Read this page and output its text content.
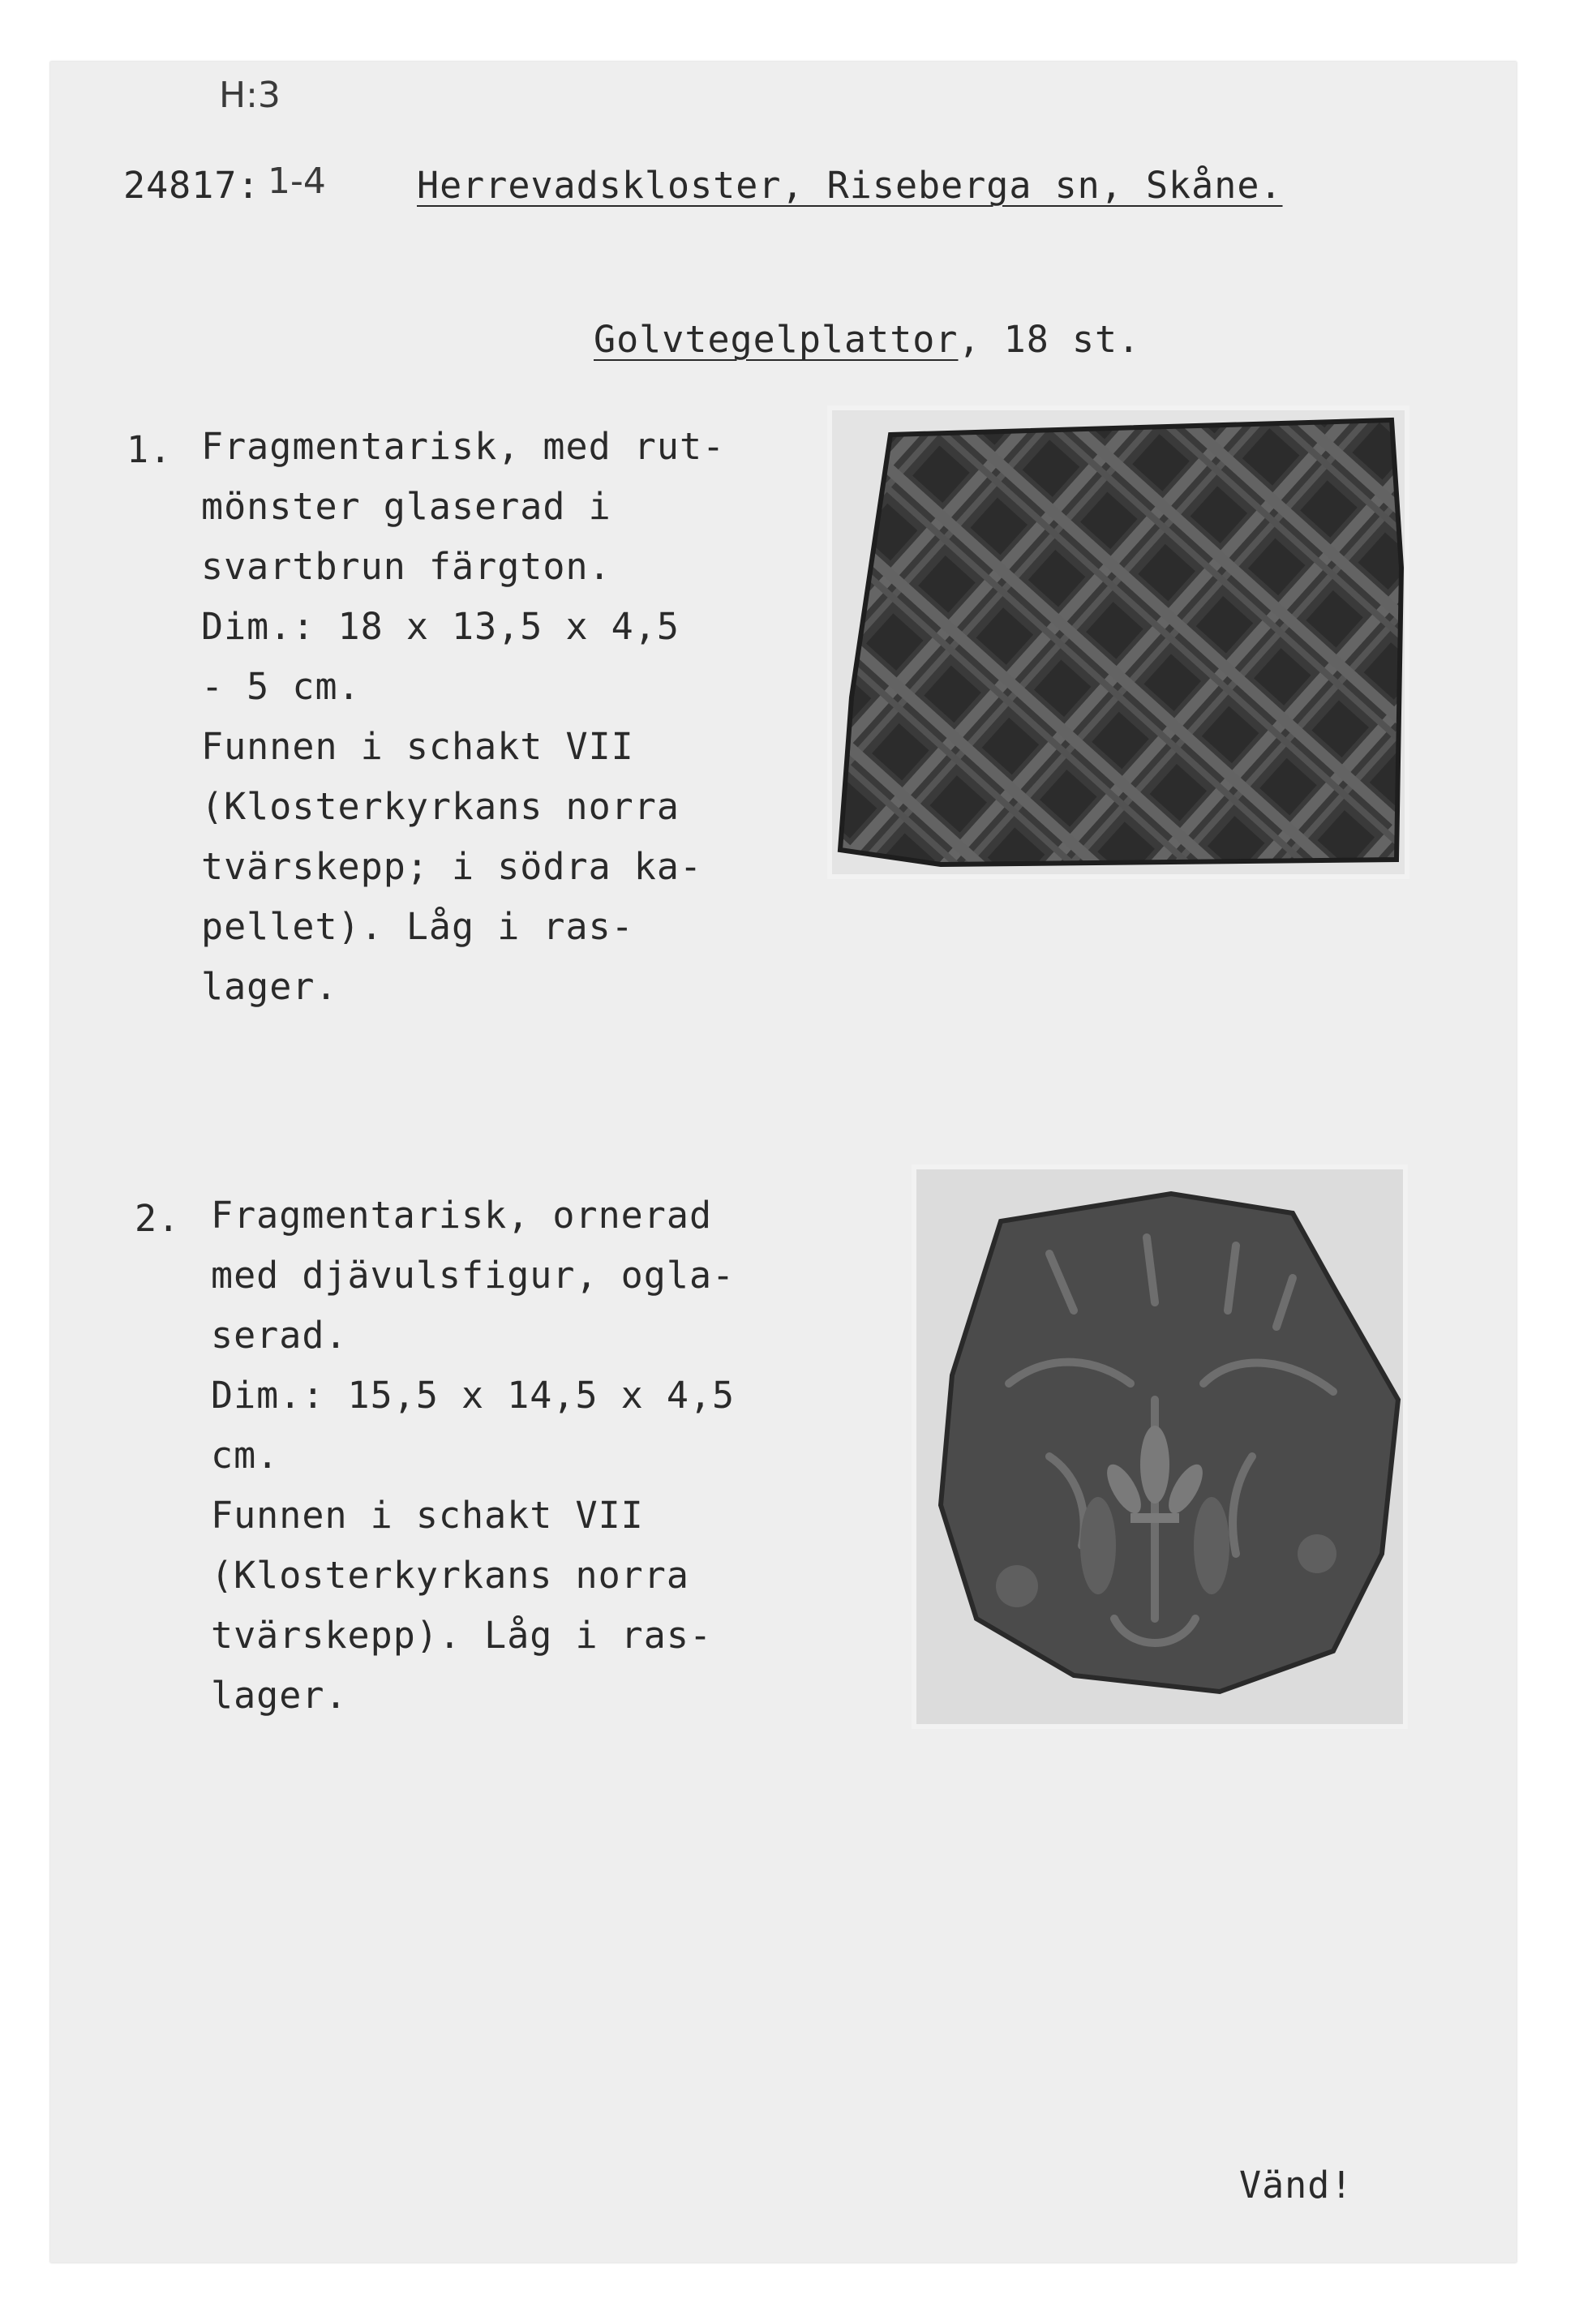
H:3

24817: 1-4 Herrevadskloster, Riseberga sn, Skåne.

Golvtegelplattor, 18 st.

1. Fragmentarisk, med rut-
mönster glaserad i
svartbrun färgton.
Dim.: 18 x 13,5 x 4,5
- 5 cm.
Funnen i schakt VII
(Klosterkyrkans norra
tvärskepp; i södra ka-
pellet). Låg i ras-
lager.

2. Fragmentarisk, ornerad
med djävulsfigur, ogla-
serad.
Dim.: 15,5 x 14,5 x 4,5
cm.
Funnen i schakt VII
(Klosterkyrkans norra
tvärskepp). Låg i ras-
lager.

Vänd!
